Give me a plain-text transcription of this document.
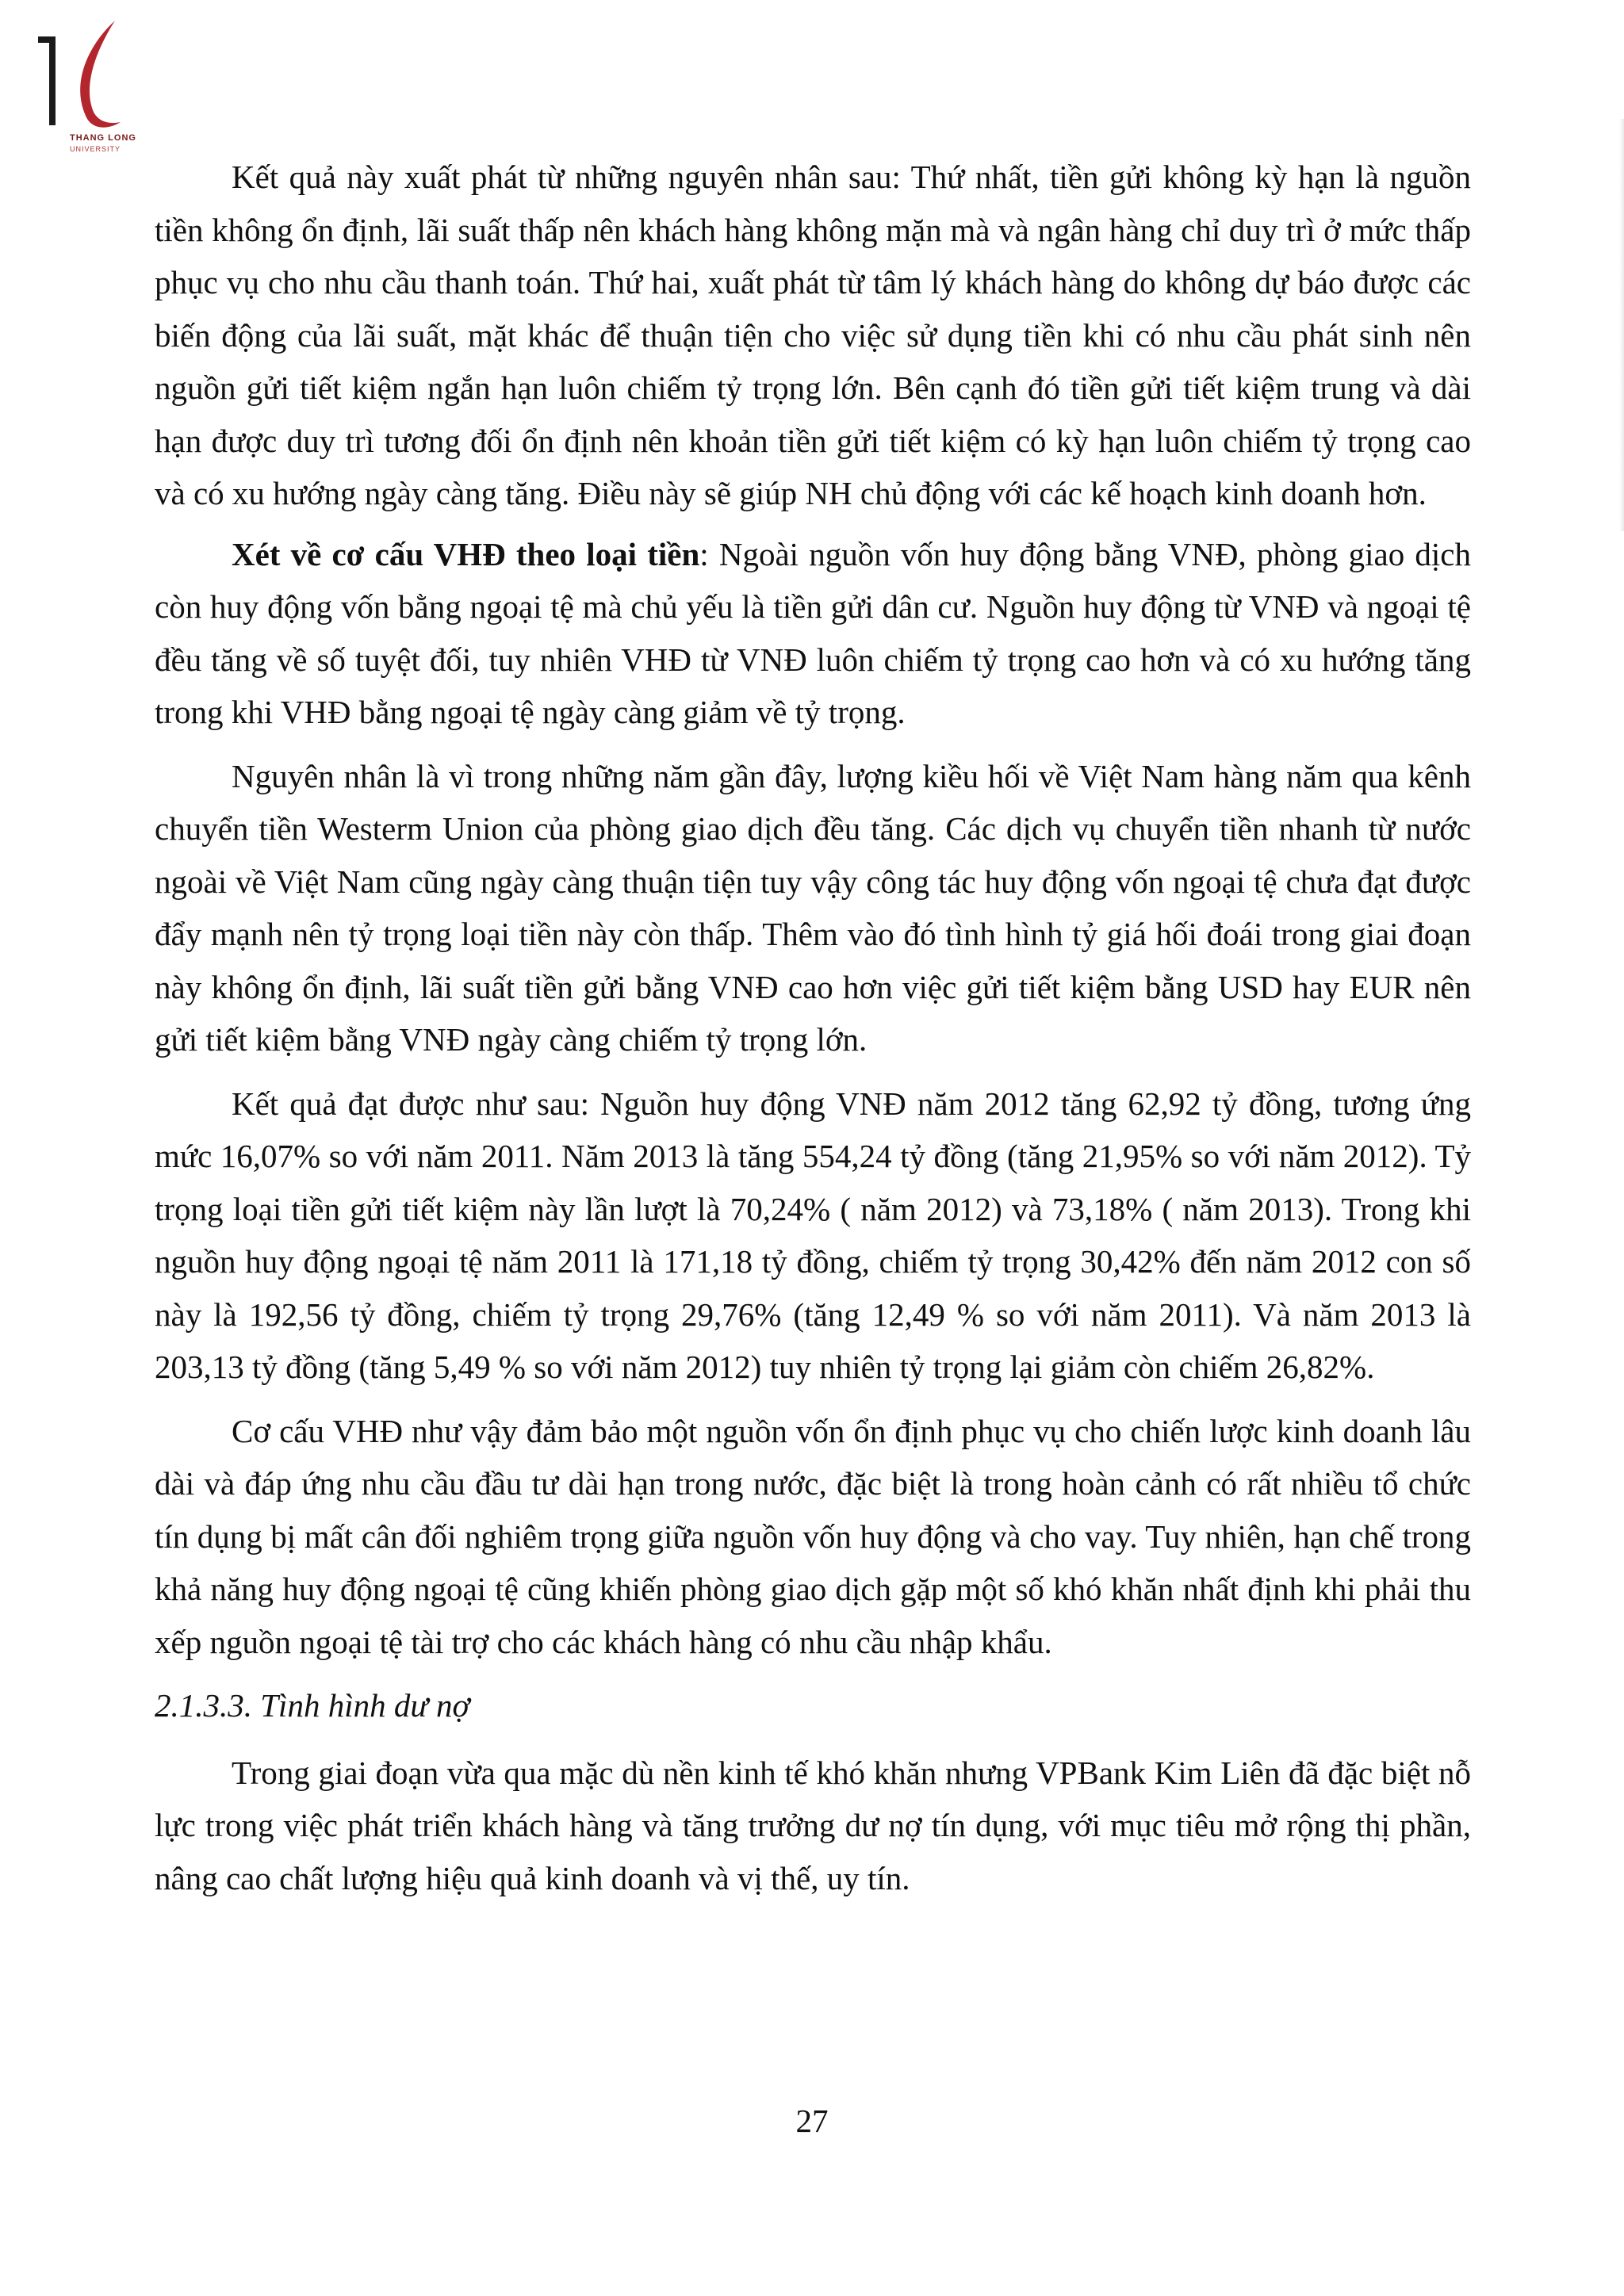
THANG LONG
UNIVERSITY

Kết quả này xuất phát từ những nguyên nhân sau: Thứ nhất, tiền gửi không kỳ hạn là nguồn tiền không ổn định, lãi suất thấp nên khách hàng không mặn mà và ngân hàng chỉ duy trì ở mức thấp phục vụ cho nhu cầu thanh toán. Thứ hai, xuất phát từ tâm lý khách hàng do không dự báo được các biến động của lãi suất, mặt khác để thuận tiện cho việc sử dụng tiền khi có nhu cầu phát sinh nên nguồn gửi tiết kiệm ngắn hạn luôn chiếm tỷ trọng lớn. Bên cạnh đó tiền gửi tiết kiệm trung và dài hạn được duy trì tương đối ổn định nên khoản tiền gửi tiết kiệm có kỳ hạn luôn chiếm tỷ trọng cao và có xu hướng ngày càng tăng. Điều này sẽ giúp NH chủ động với các kế hoạch kinh doanh hơn.

Xét về cơ cấu VHĐ theo loại tiền: Ngoài nguồn vốn huy động bằng VNĐ, phòng giao dịch còn huy động vốn bằng ngoại tệ mà chủ yếu là tiền gửi dân cư. Nguồn huy động từ VNĐ và ngoại tệ đều tăng về số tuyệt đối, tuy nhiên VHĐ từ VNĐ luôn chiếm tỷ trọng cao hơn và có xu hướng tăng trong khi VHĐ bằng ngoại tệ ngày càng giảm về tỷ trọng.

Nguyên nhân là vì trong những năm gần đây, lượng kiều hối về Việt Nam hàng năm qua kênh chuyển tiền Westerm Union của phòng giao dịch đều tăng. Các dịch vụ chuyển tiền nhanh từ nước ngoài về Việt Nam cũng ngày càng thuận tiện tuy vậy công tác huy động vốn ngoại tệ chưa đạt được đẩy mạnh nên tỷ trọng loại tiền này còn thấp. Thêm vào đó tình hình tỷ giá hối đoái trong giai đoạn này không ổn định, lãi suất tiền gửi bằng VNĐ cao hơn việc gửi tiết kiệm bằng USD hay EUR nên gửi tiết kiệm bằng VNĐ ngày càng chiếm tỷ trọng lớn.

Kết quả đạt được như sau: Nguồn huy động VNĐ năm 2012 tăng 62,92 tỷ đồng, tương ứng mức 16,07% so với năm 2011. Năm 2013 là tăng 554,24 tỷ đồng (tăng 21,95% so với năm 2012). Tỷ trọng loại tiền gửi tiết kiệm này lần lượt là 70,24% ( năm 2012) và 73,18% ( năm 2013). Trong khi nguồn huy động ngoại tệ năm 2011 là 171,18 tỷ đồng, chiếm tỷ trọng 30,42% đến năm 2012 con số này là 192,56 tỷ đồng, chiếm tỷ trọng 29,76% (tăng 12,49 % so với năm 2011). Và năm 2013 là 203,13 tỷ đồng (tăng 5,49 % so với năm 2012) tuy nhiên tỷ trọng lại giảm còn chiếm 26,82%.

Cơ cấu VHĐ như vậy đảm bảo một nguồn vốn ổn định phục vụ cho chiến lược kinh doanh lâu dài và đáp ứng nhu cầu đầu tư dài hạn trong nước, đặc biệt là trong hoàn cảnh có rất nhiều tổ chức tín dụng bị mất cân đối nghiêm trọng giữa nguồn vốn huy động và cho vay. Tuy nhiên, hạn chế trong khả năng huy động ngoại tệ cũng khiến phòng giao dịch gặp một số khó khăn nhất định khi phải thu xếp nguồn ngoại tệ tài trợ cho các khách hàng có nhu cầu nhập khẩu.

2.1.3.3. Tình hình dư nợ

Trong giai đoạn vừa qua mặc dù nền kinh tế khó khăn nhưng VPBank Kim Liên đã đặc biệt nỗ lực trong việc phát triển khách hàng và tăng trưởng dư nợ tín dụng, với mục tiêu mở rộng thị phần, nâng cao chất lượng hiệu quả kinh doanh và vị thế, uy tín.

27
